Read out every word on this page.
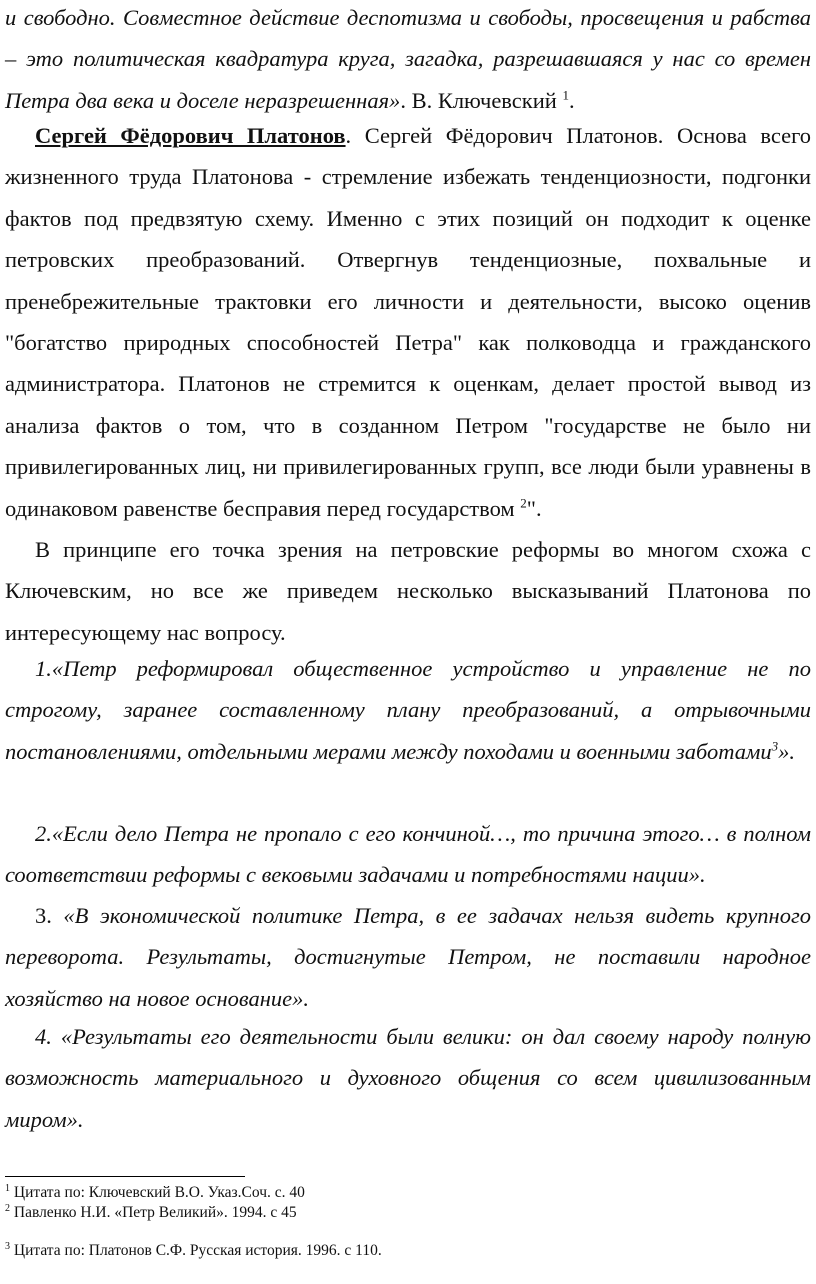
и свободно. Совместное действие деспотизма и свободы, просвещения и рабства – это политическая квадратура круга, загадка, разрешавшаяся у нас со времен Петра два века и доселе неразрешенная». В. Ключевский $^1$.

Сергей Фёдорович Платонов. Сергей Фёдорович Платонов. Основа всего жизненного труда Платонова - стремление избежать тенденциозности, подгонки фактов под предвзятую схему. Именно с этих позиций он подходит к оценке петровских преобразований. Отвергнув тенденциозные, похвальные и пренебрежительные трактовки его личности и деятельности, высоко оценив "богатство природных способностей Петра" как полководца и гражданского администратора. Платонов не стремится к оценкам, делает простой вывод из анализа фактов о том, что в созданном Петром "государстве не было ни привилегированных лиц, ни привилегированных групп, все люди были уравнены в одинаковом равенстве бесправия перед государством $^2$".

В принципе его точка зрения на петровские реформы во многом схожа с Ключевским, но все же приведем несколько высказываний Платонова по интересующему нас вопросу.

1.«Петр реформировал общественное устройство и управление не по строгому, заранее составленному плану преобразований, а отрывочными постановлениями, отдельными мерами между походами и военными заботами$^3$».

2.«Если дело Петра не пропало с его кончиной…, то причина этого… в полном соответствии реформы с вековыми задачами и потребностями нации».

3. «В экономической политике Петра, в ее задачах нельзя видеть крупного переворота. Результаты, достигнутые Петром, не поставили народное хозяйство на новое основание».

4. «Результаты его деятельности были велики: он дал своему народу полную возможность материального и духовного общения со всем цивилизованным миром».

$^1$ Цитата по: Ключевский В.О. Указ.Соч. с. 40

$^2$ Павленко Н.И. «Петр Великий». 1994. с 45

$^3$ Цитата по: Платонов С.Ф. Русская история. 1996. с 110.
